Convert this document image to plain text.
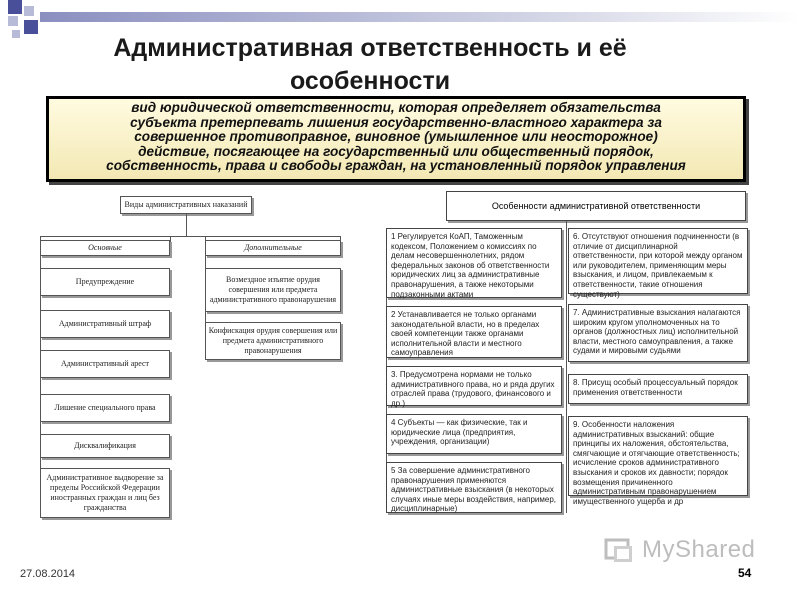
Административная ответственность и её
особенности
вид юридической ответственности, которая определяет обязательства
субъекта претерпевать лишения государственно-властного характера за
совершенное противоправное, виновное (умышленное или неосторожное)
действие, посягающее на государственный или общественный порядок,
собственность, права и свободы граждан, на установленный порядок управления
Виды административных наказаний
Основные	Дополнительные
Предупреждение
Административный штраф
Административный арест
Лишение специального права
Дисквалификация
Административное выдворение за пределы Российской Федерации иностранных граждан и лиц без гражданства
Возмездное изъятие орудия совершения или предмета административного правонарушения
Конфискация орудия совершения или предмета административного правонарушения
Особенности административной ответственности
1 Регулируется КоАП, Таможенным кодексом, Положением о комиссиях по делам несовершеннолетних, рядом федеральных законов об ответственности юридических лиц за административные правонарушения, а также некоторыми подзаконными актами
2 Устанавливается не только органами законодательной власти, но в пределах своей компетенции также органами исполнительной власти и местного самоуправления
3. Предусмотрена нормами не только административного права, но и ряда других отраслей права (трудового, финансового и др.)
4 Субъекты — как физические, так и юридические лица (предприятия, учреждения, организации)
5 За совершение административного правонарушения применяются административные взыскания (в некоторых случаях иные меры воздействия, например, дисциплинарные)
6. Отсутствуют отношения подчиненности (в отличие от дисциплинарной ответственности, при которой между органом или руководителем, применяющим меры взыскания, и лицом, привлекаемым к ответственности, такие отношения существуют)
7. Административные взыскания налагаются широким кругом уполномоченных на то органов (должностных лиц) исполнительной власти, местного самоуправления, а также судами и мировыми судьями
8. Присущ особый процессуальный порядок применения ответственности
9. Особенности наложения административных взысканий: общие принципы их наложения, обстоятельства, смягчающие и отягчающие ответственность; исчисление сроков административного взыскания и сроков их давности; порядок возмещения причиненного административным правонарушением имущественного ущерба и др
MyShared
27.08.2014	54
